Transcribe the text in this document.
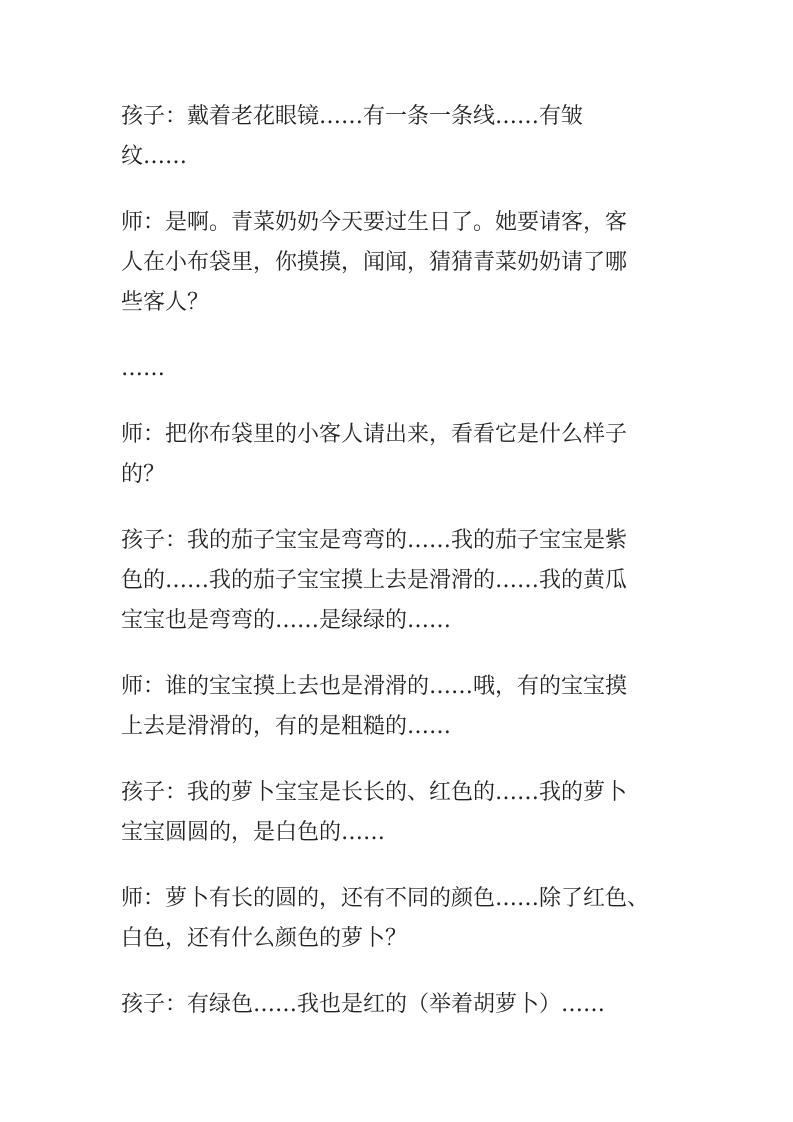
孩子：戴着老花眼镜……有一条一条线……有皱
纹……

师：是啊。青菜奶奶今天要过生日了。她要请客，客
人在小布袋里，你摸摸，闻闻，猜猜青菜奶奶请了哪
些客人？

……

师：把你布袋里的小客人请出来，看看它是什么样子
的？

孩子：我的茄子宝宝是弯弯的……我的茄子宝宝是紫
色的……我的茄子宝宝摸上去是滑滑的……我的黄瓜
宝宝也是弯弯的……是绿绿的……

师：谁的宝宝摸上去也是滑滑的……哦，有的宝宝摸
上去是滑滑的，有的是粗糙的……

孩子：我的萝卜宝宝是长长的、红色的……我的萝卜
宝宝圆圆的，是白色的……

师：萝卜有长的圆的，还有不同的颜色……除了红色、
白色，还有什么颜色的萝卜？

孩子：有绿色……我也是红的（举着胡萝卜）……
